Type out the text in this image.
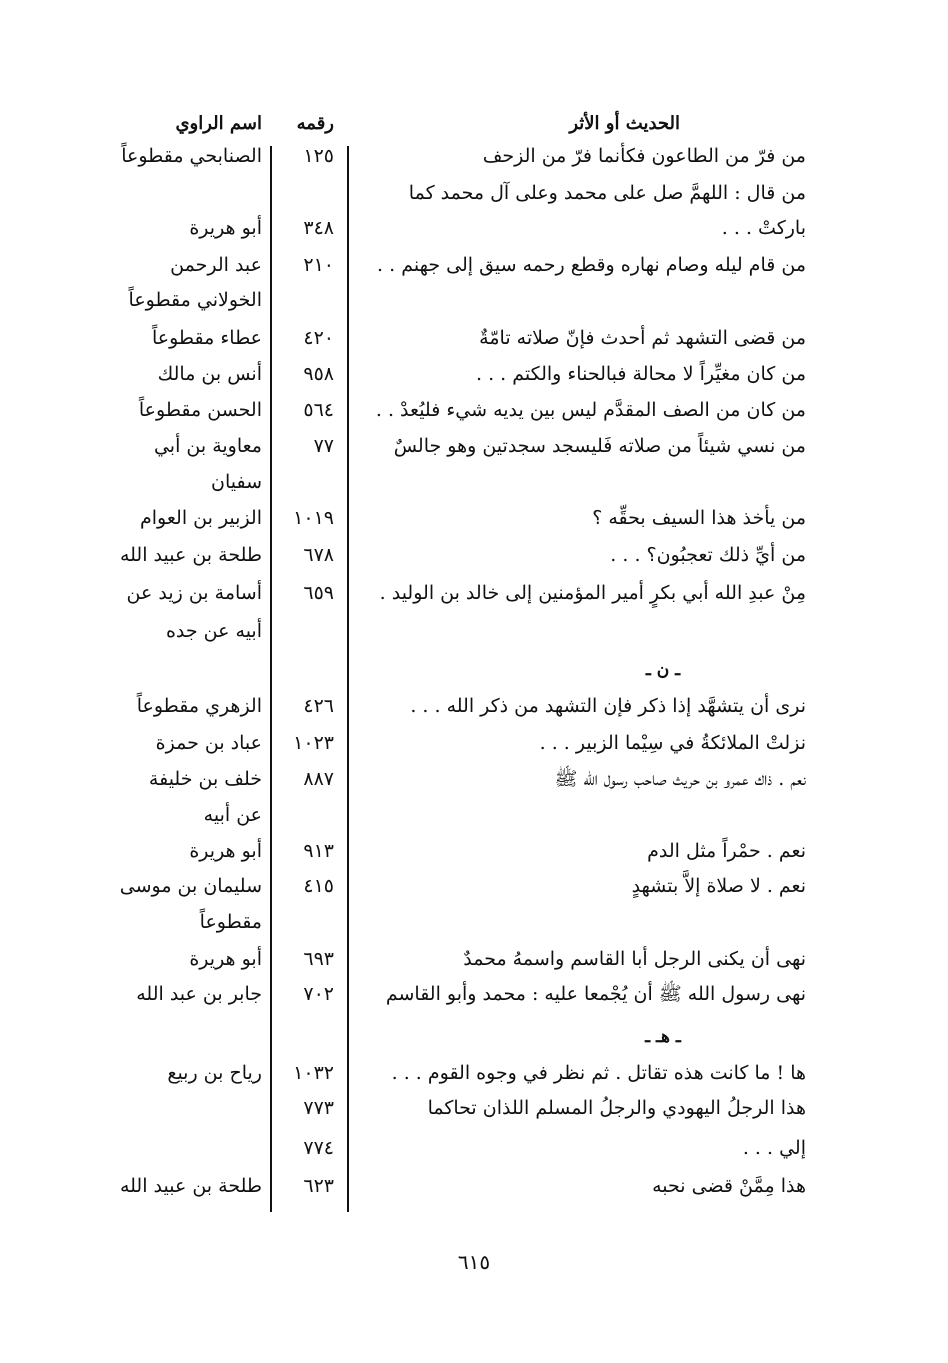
الحديث أو الأثر
رقمه
اسم الراوي
من فرّ من الطاعون فكأنما فرّ من الزحف
١٢٥
الصنابحي مقطوعاً
من قال : اللهمَّ صل على محمد وعلى آل محمد كما
باركتْ . . .
٣٤٨
أبو هريرة
من قام ليله وصام نهاره وقطع رحمه سيق إلى جهنم . .
٢١٠
عبد الرحمن
الخولاني مقطوعاً
من قضى التشهد ثم أحدث فإنّ صلاته تامّةٌ
٤٢٠
عطاء مقطوعاً
من كان مغيِّراً لا محالة فبالحناء والكتم . . .
٩٥٨
أنس بن مالك
من كان من الصف المقدَّم ليس بين يديه شيء فليُعدْ . .
٥٦٤
الحسن مقطوعاً
من نسي شيئاً من صلاته فَليسجد سجدتين وهو جالسٌ
٧٧
معاوية بن أبي
سفيان
من يأخذ هذا السيف بحقِّه ؟
١٠١٩
الزبير بن العوام
من أيِّ ذلك تعجبُون؟ . . .
٦٧٨
طلحة بن عبيد الله
مِنْ عبدِ الله أبي بكرٍ أمير المؤمنين إلى خالد بن الوليد .
٦٥٩
أسامة بن زيد عن
أبيه عن جده
ـ ن ـ
نرى أن يتشهَّد إذا ذكر فإن التشهد من ذكر الله . . .
٤٢٦
الزهري مقطوعاً
نزلتْ الملائكةُ في سِيْما الزبير . . .
١٠٢٣
عباد بن حمزة
نعم . ذاك عمرو بن حريث صاحب رسول الله ﷺ
٨٨٧
خلف بن خليفة
عن أبيه
نعم . حمْراً مثل الدم
٩١٣
أبو هريرة
نعم . لا صلاة إلاَّ بتشهدٍ
٤١٥
سليمان بن موسى
مقطوعاً
نهى أن يكنى الرجل أبا القاسم واسمهُ محمدٌ
٦٩٣
أبو هريرة
نهى رسول الله ﷺ أن يُجْمعا عليه : محمد وأبو القاسم
٧٠٢
جابر بن عبد الله
ـ هـ ـ
ها ! ما كانت هذه تقاتل . ثم نظر في وجوه القوم . . .
١٠٣٢
رياح بن ربيع
هذا الرجلُ اليهودي والرجلُ المسلم اللذان تحاكما
٧٧٣
إلي . . .
٧٧٤
هذا مِمَّنْ قضى نحبه
٦٢٣
طلحة بن عبيد الله
٦١٥
